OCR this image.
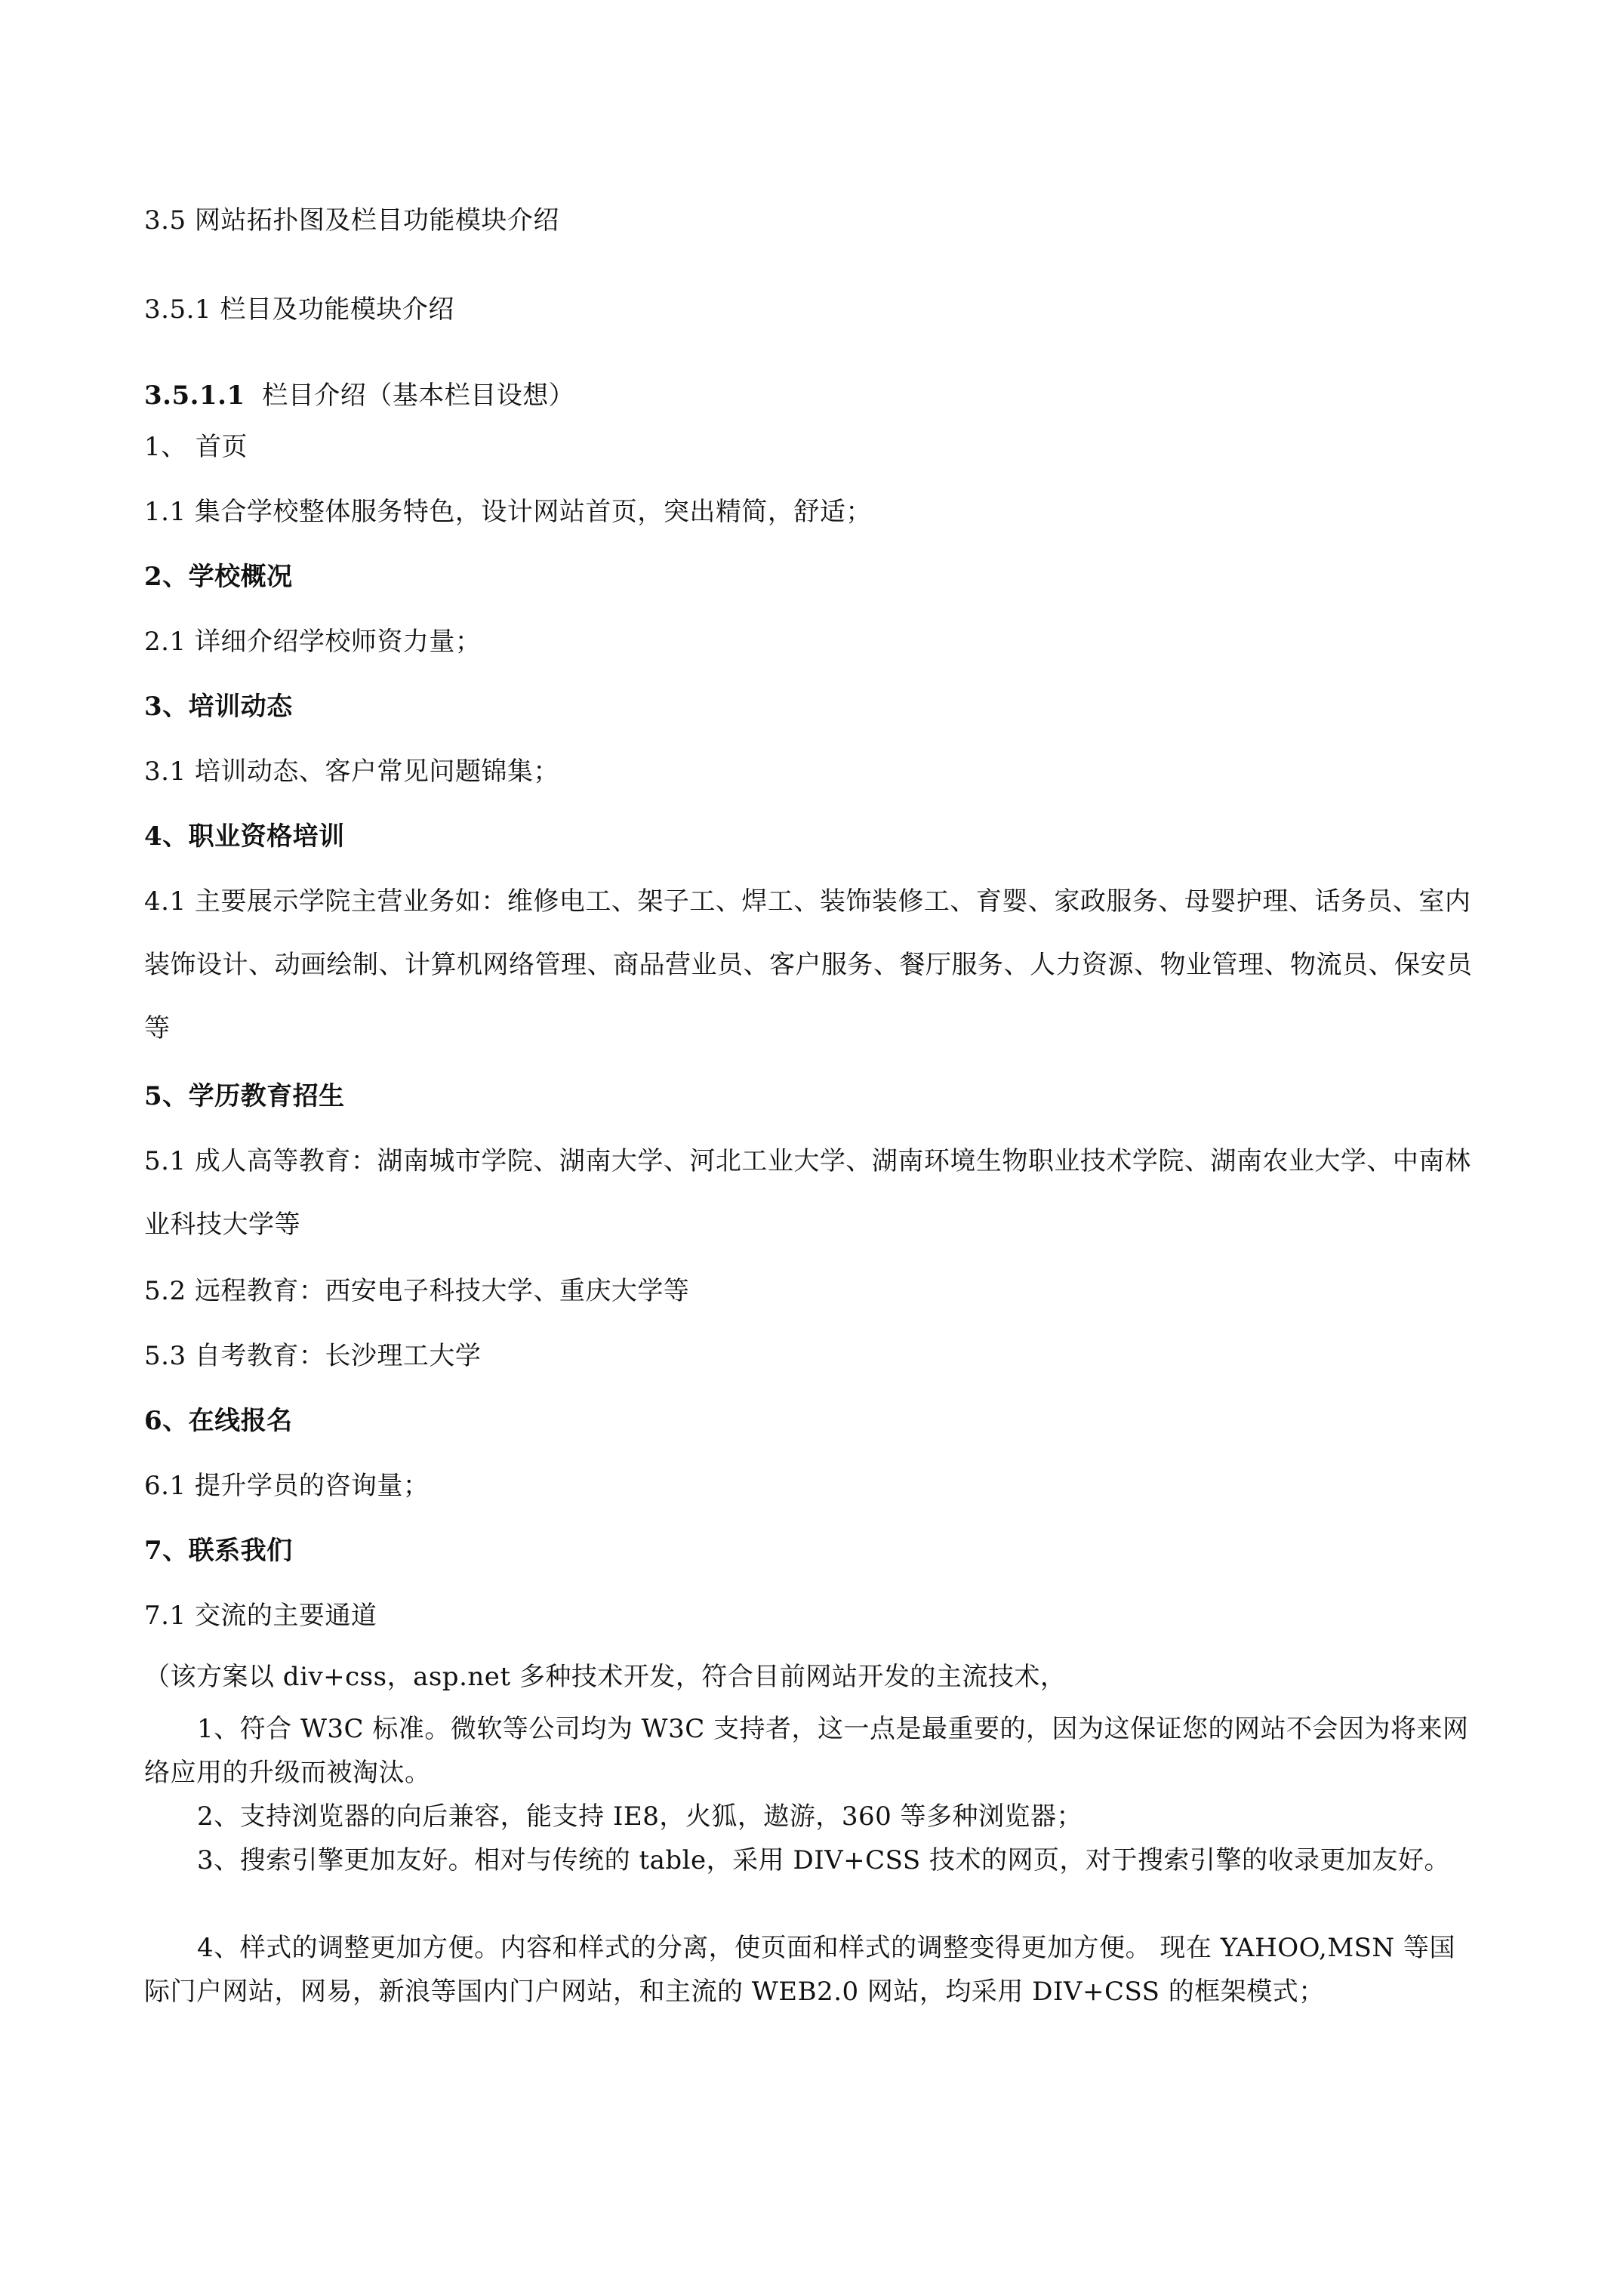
3.5 网站拓扑图及栏目功能模块介绍
3.5.1 栏目及功能模块介绍
3.5.1.1 栏目介绍（基本栏目设想）
1、 首页
1.1 集合学校整体服务特色，设计网站首页，突出精简，舒适；
2、学校概况
2.1 详细介绍学校师资力量；
3、培训动态
3.1 培训动态、客户常见问题锦集；
4、职业资格培训
4.1 主要展示学院主营业务如：维修电工、架子工、焊工、装饰装修工、育婴、家政服务、母婴护理、话务员、室内装饰设计、动画绘制、计算机网络管理、商品营业员、客户服务、餐厅服务、人力资源、物业管理、物流员、保安员等
5、学历教育招生
5.1 成人高等教育：湖南城市学院、湖南大学、河北工业大学、湖南环境生物职业技术学院、湖南农业大学、中南林业科技大学等
5.2 远程教育：西安电子科技大学、重庆大学等
5.3 自考教育：长沙理工大学
6、在线报名
6.1 提升学员的咨询量；
7、联系我们
7.1 交流的主要通道
（该方案以 div+css，asp.net 多种技术开发，符合目前网站开发的主流技术，
1、符合 W3C 标准。微软等公司均为 W3C 支持者，这一点是最重要的，因为这保证您的网站不会因为将来网络应用的升级而被淘汰。
2、支持浏览器的向后兼容，能支持 IE8，火狐，遨游，360 等多种浏览器；
3、搜索引擎更加友好。相对与传统的 table，采用 DIV+CSS 技术的网页，对于搜索引擎的收录更加友好。
4、样式的调整更加方便。内容和样式的分离，使页面和样式的调整变得更加方便。 现在 YAHOO,MSN 等国际门户网站，网易，新浪等国内门户网站，和主流的 WEB2.0 网站，均采用 DIV+CSS 的框架模式；
